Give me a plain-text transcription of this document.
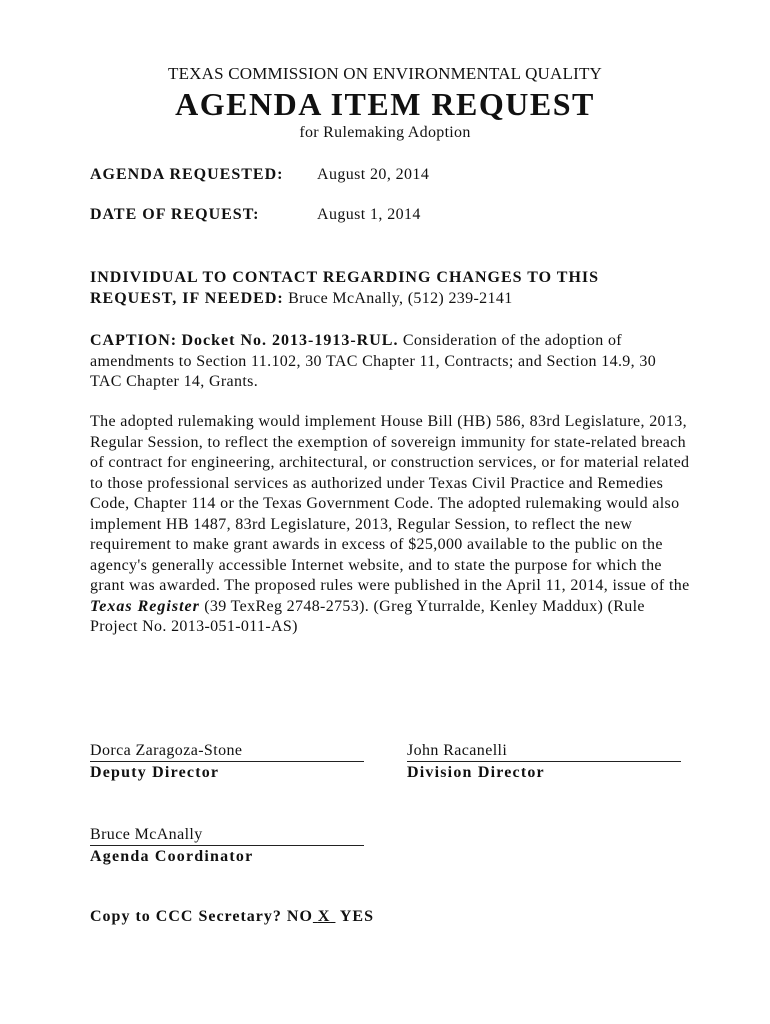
TEXAS COMMISSION ON ENVIRONMENTAL QUALITY
AGENDA ITEM REQUEST
for Rulemaking Adoption
AGENDA REQUESTED: August 20, 2014
DATE OF REQUEST:	August 1, 2014
INDIVIDUAL TO CONTACT REGARDING CHANGES TO THIS REQUEST, IF NEEDED: Bruce McAnally, (512) 239-2141
CAPTION: Docket No. 2013-1913-RUL. Consideration of the adoption of amendments to Section 11.102, 30 TAC Chapter 11, Contracts; and Section 14.9, 30 TAC Chapter 14, Grants.
The adopted rulemaking would implement House Bill (HB) 586, 83rd Legislature, 2013, Regular Session, to reflect the exemption of sovereign immunity for state-related breach of contract for engineering, architectural, or construction services, or for material related to those professional services as authorized under Texas Civil Practice and Remedies Code, Chapter 114 or the Texas Government Code. The adopted rulemaking would also implement HB 1487, 83rd Legislature, 2013, Regular Session, to reflect the new requirement to make grant awards in excess of $25,000 available to the public on the agency's generally accessible Internet website, and to state the purpose for which the grant was awarded. The proposed rules were published in the April 11, 2014, issue of the Texas Register (39 TexReg 2748-2753). (Greg Yturralde, Kenley Maddux) (Rule Project No. 2013-051-011-AS)
Dorca Zaragoza-Stone
Deputy Director
John Racanelli
Division Director
Bruce McAnally
Agenda Coordinator
Copy to CCC Secretary? NO X YES
